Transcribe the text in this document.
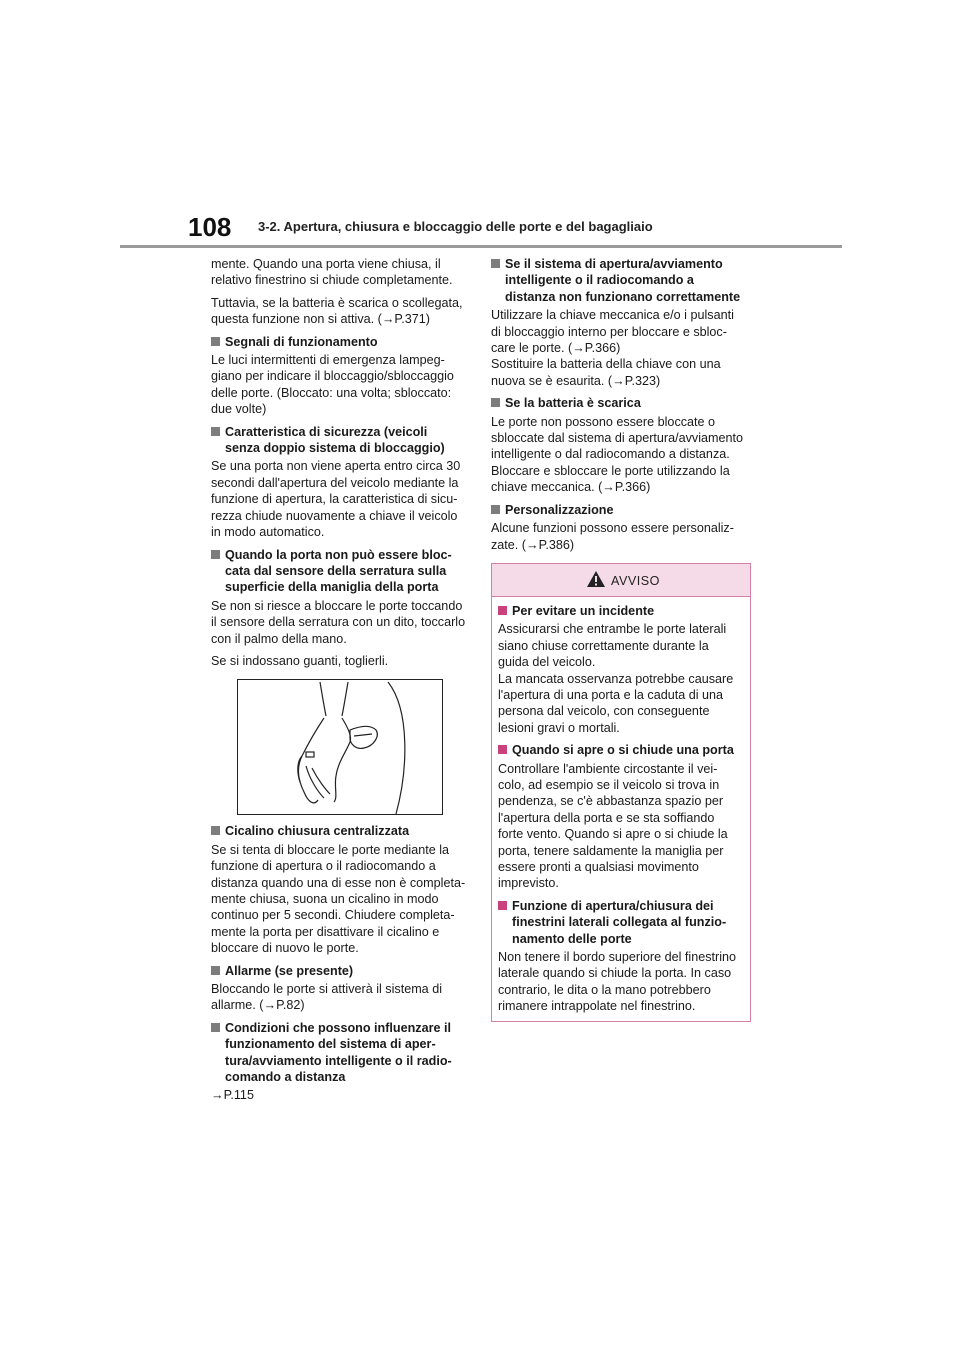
108 3-2. Apertura, chiusura e bloccaggio delle porte e del bagagliaio

mente. Quando una porta viene chiusa, il
relativo finestrino si chiude completamente.

Tuttavia, se la batteria è scarica o scollegata,
questa funzione non si attiva. (→P.371)

Segnali di funzionamento

Le luci intermittenti di emergenza lampeg-
giano per indicare il bloccaggio/sbloccaggio
delle porte. (Bloccato: una volta; sbloccato:
due volte)

Caratteristica di sicurezza (veicoli
senza doppio sistema di bloccaggio)

Se una porta non viene aperta entro circa 30
secondi dall'apertura del veicolo mediante la
funzione di apertura, la caratteristica di sicu-
rezza chiude nuovamente a chiave il veicolo
in modo automatico.

Quando la porta non può essere bloc-
cata dal sensore della serratura sulla
superficie della maniglia della porta

Se non si riesce a bloccare le porte toccando
il sensore della serratura con un dito, toccarlo
con il palmo della mano.

Se si indossano guanti, toglierli.

Cicalino chiusura centralizzata

Se si tenta di bloccare le porte mediante la
funzione di apertura o il radiocomando a
distanza quando una di esse non è completa-
mente chiusa, suona un cicalino in modo
continuo per 5 secondi. Chiudere completa-
mente la porta per disattivare il cicalino e
bloccare di nuovo le porte.

Allarme (se presente)

Bloccando le porte si attiverà il sistema di
allarme. (→P.82)

Condizioni che possono influenzare il
funzionamento del sistema di aper-
tura/avviamento intelligente o il radio-
comando a distanza

→P.115

Se il sistema di apertura/avviamento
intelligente o il radiocomando a
distanza non funzionano correttamente

Utilizzare la chiave meccanica e/o i pulsanti
di bloccaggio interno per bloccare e sbloc-
care le porte. (→P.366)
Sostituire la batteria della chiave con una
nuova se è esaurita. (→P.323)

Se la batteria è scarica

Le porte non possono essere bloccate o
sbloccate dal sistema di apertura/avviamento
intelligente o dal radiocomando a distanza.
Bloccare e sbloccare le porte utilizzando la
chiave meccanica. (→P.366)

Personalizzazione

Alcune funzioni possono essere personaliz-
zate. (→P.386)

AVVISO
Per evitare un incidente

Assicurarsi che entrambe le porte laterali
siano chiuse correttamente durante la
guida del veicolo.
La mancata osservanza potrebbe causare
l'apertura di una porta e la caduta di una
persona dal veicolo, con conseguente
lesioni gravi o mortali.

Quando si apre o si chiude una porta

Controllare l'ambiente circostante il vei-
colo, ad esempio se il veicolo si trova in
pendenza, se c'è abbastanza spazio per
l'apertura della porta e se sta soffiando
forte vento. Quando si apre o si chiude la
porta, tenere saldamente la maniglia per
essere pronti a qualsiasi movimento
imprevisto.

Funzione di apertura/chiusura dei
finestrini laterali collegata al funzio-
namento delle porte

Non tenere il bordo superiore del finestrino
laterale quando si chiude la porta. In caso
contrario, le dita o la mano potrebbero
rimanere intrappolate nel finestrino.
